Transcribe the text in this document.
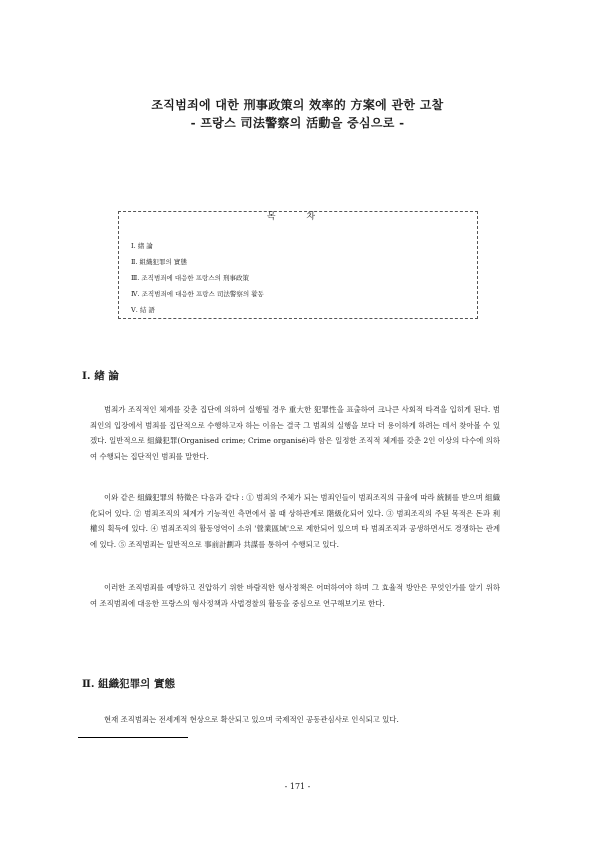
조직범죄에 대한 刑事政策의 效率的 方案에 관한 고찰
- 프랑스 司法警察의 活動을 중심으로 -
목 차
Ⅰ. 緖 論
Ⅱ. 組織犯罪의 實態
Ⅲ. 조직범죄에 대응한 프랑스의 刑事政策
Ⅳ. 조직범죄에 대응한 프랑스 司法警察의 활동
Ⅴ. 結 語
Ⅰ. 緖 論

범죄가 조직적인 체계를 갖춘 집단에 의하여 실행될 경우 重大한 犯罪性을 표출하여 크나큰 사회적 타격을 입히게 된다. 범죄인의 입장에서 범죄를 집단적으로 수행하고자 하는 이유는 결국 그 범죄의 실행을 보다 더 용이하게 하려는 데서 찾아볼 수 있겠다. 일반적으로 組織犯罪(Organised crime; Crime organisé)라 함은 일정한 조직적 체계를 갖춘 2인 이상의 다수에 의하여 수행되는 집단적인 범죄를 말한다.

이와 같은 組織犯罪의 特徵은 다음과 같다 : ① 범죄의 주체가 되는 범죄인들이 범죄조직의 규율에 따라 統制를 받으며 組織化되어 있다. ② 범죄조직의 체계가 기능적인 측면에서 볼 때 상하관계로 階級化되어 있다. ③ 범죄조직의 주된 목적은 돈과 利權의 획득에 있다. ④ 범죄조직의 활동영역이 소위 '營業區域'으로 제한되어 있으며 타 범죄조직과 공생하면서도 경쟁하는 관계에 있다. ⑤ 조직범죄는 일반적으로 事前計劃과 共謀를 통하여 수행되고 있다.

이러한 조직범죄를 예방하고 진압하기 위한 바람직한 형사정책은 어떠하여야 하며 그 효율적 방안은 무엇인가를 알기 위하여 조직범죄에 대응한 프랑스의 형사정책과 사법경찰의 활동을 중심으로 연구해보기로 한다.

Ⅱ. 組織犯罪의 實態

현재 조직범죄는 전세계적 현상으로 확산되고 있으며 국제적인 공동관심사로 인식되고 있다.

- 171 -
